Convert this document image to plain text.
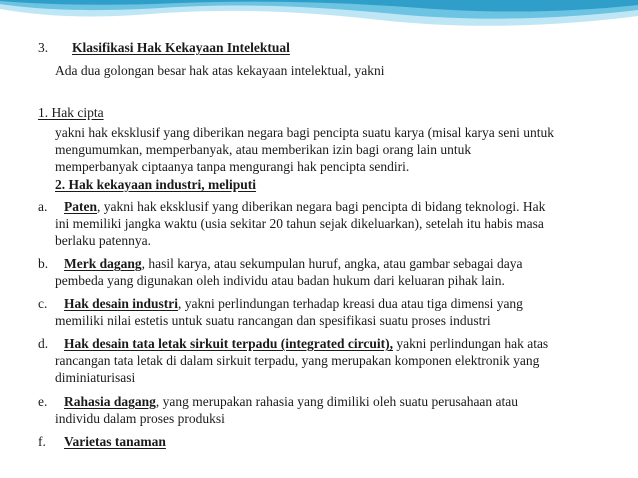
3. Klasifikasi Hak Kekayaan Intelektual
Ada dua golongan besar hak atas kekayaan intelektual, yakni
1. Hak cipta
yakni hak eksklusif yang diberikan negara bagi pencipta suatu karya (misal karya seni untuk
mengumumkan, memperbanyak, atau memberikan izin bagi orang lain untuk
memperbanyak ciptaanya tanpa mengurangi hak pencipta sendiri.
2. Hak kekayaan industri, meliputi
a. Paten, yakni hak eksklusif yang diberikan negara bagi pencipta di bidang teknologi. Hak
ini memiliki jangka waktu (usia sekitar 20 tahun sejak dikeluarkan), setelah itu habis masa
berlaku patennya.
b. Merk dagang, hasil karya, atau sekumpulan huruf, angka, atau gambar sebagai daya
pembeda yang digunakan oleh individu atau badan hukum dari keluaran pihak lain.
c. Hak desain industri, yakni perlindungan terhadap kreasi dua atau tiga dimensi yang
memiliki nilai estetis untuk suatu rancangan dan spesifikasi suatu proses industri
d. Hak desain tata letak sirkuit terpadu (integrated circuit), yakni perlindungan hak atas
rancangan tata letak di dalam sirkuit terpadu, yang merupakan komponen elektronik yang
diminiaturisasi
e. Rahasia dagang, yang merupakan rahasia yang dimiliki oleh suatu perusahaan atau
individu dalam proses produksi
f. Varietas tanaman
